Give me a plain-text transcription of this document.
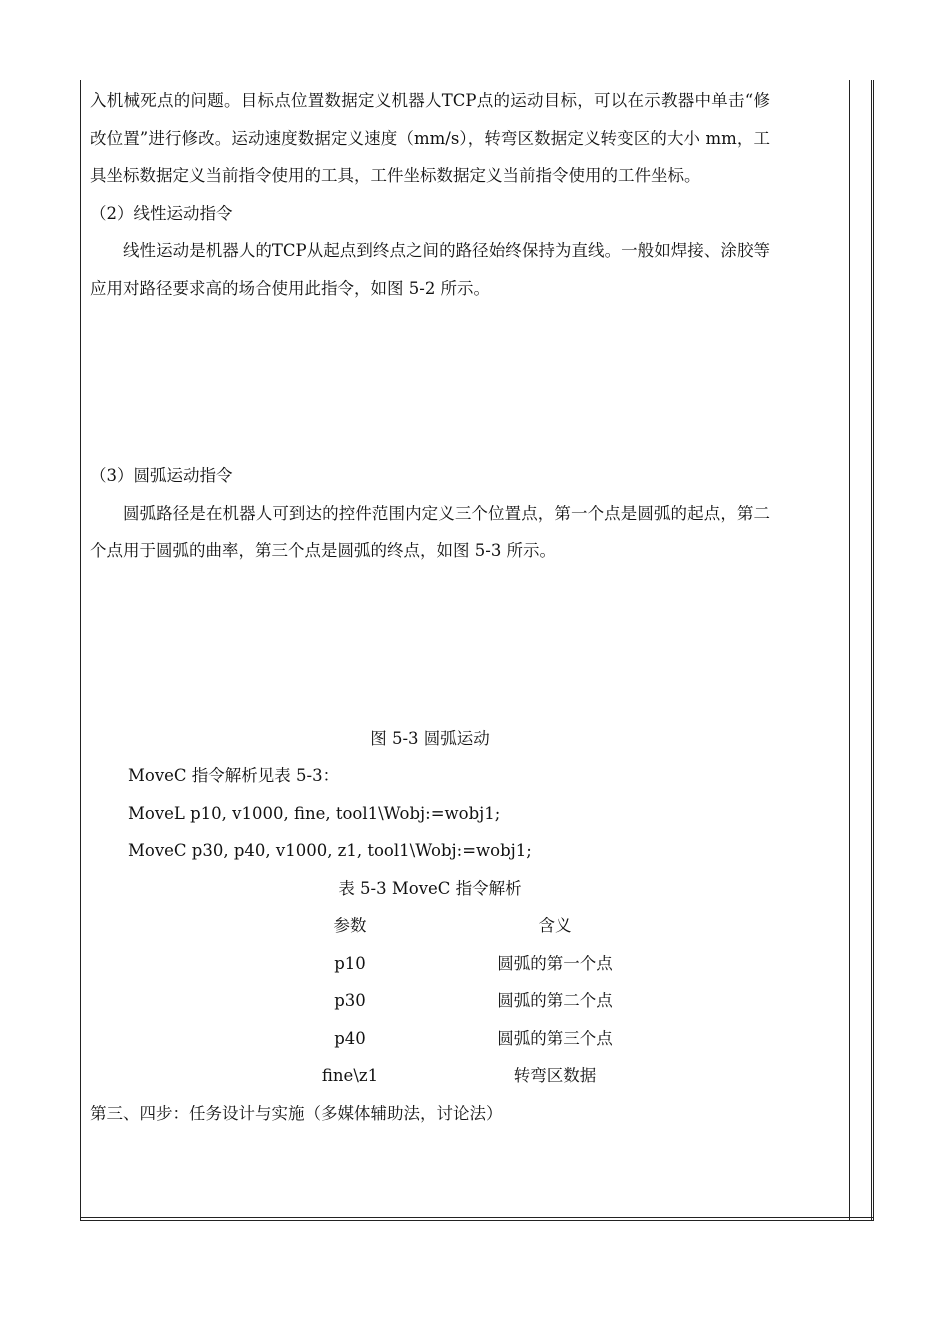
入机械死点的问题。目标点位置数据定义机器人TCP点的运动目标，可以在示教器中单击“修改位置”进行修改。运动速度数据定义速度（mm/s），转弯区数据定义转变区的大小 mm，工具坐标数据定义当前指令使用的工具，工件坐标数据定义当前指令使用的工件坐标。

（2）线性运动指令

线性运动是机器人的TCP从起点到终点之间的路径始终保持为直线。一般如焊接、涂胶等应用对路径要求高的场合使用此指令，如图 5-2 所示。

（3）圆弧运动指令

圆弧路径是在机器人可到达的控件范围内定义三个位置点，第一个点是圆弧的起点，第二个点用于圆弧的曲率，第三个点是圆弧的终点，如图 5-3 所示。

图 5-3 圆弧运动

MoveC 指令解析见表 5-3：

MoveL p10, v1000, fine, tool1\Wobj:=wobj1;

MoveC p30, p40, v1000, z1, tool1\Wobj:=wobj1;

表 5-3 MoveC 指令解析

参数	含义
p10	圆弧的第一个点
p30	圆弧的第二个点
p40	圆弧的第三个点
fine\z1	转弯区数据

第三、四步：任务设计与实施（多媒体辅助法，讨论法）
